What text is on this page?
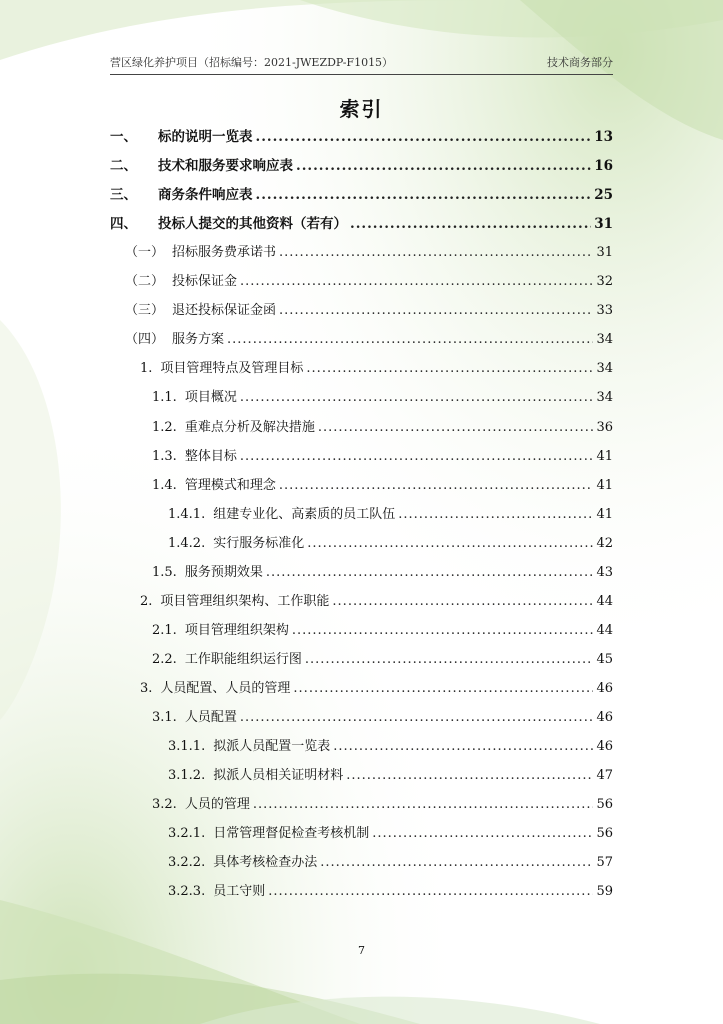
营区绿化养护项目（招标编号：2021-JWEZDP-F1015）	技术商务部分
索引
一、	标的说明一览表 .....	13
二、	技术和服务要求响应表 .....	16
三、	商务条件响应表 .....	25
四、	投标人提交的其他资料（若有） .....	31
（一） 招标服务费承诺书 .....	31
（二） 投标保证金 .....	32
（三） 退还投标保证金函 .....	33
（四） 服务方案 .....	34
1. 项目管理特点及管理目标 .....	34
1.1. 项目概况 .....	34
1.2. 重难点分析及解决措施 .....	36
1.3. 整体目标 .....	41
1.4. 管理模式和理念 .....	41
1.4.1. 组建专业化、高素质的员工队伍 .....	41
1.4.2. 实行服务标准化 .....	42
1.5. 服务预期效果 .....	43
2. 项目管理组织架构、工作职能 .....	44
2.1. 项目管理组织架构 .....	44
2.2. 工作职能组织运行图 .....	45
3. 人员配置、人员的管理 .....	46
3.1. 人员配置 .....	46
3.1.1. 拟派人员配置一览表 .....	46
3.1.2. 拟派人员相关证明材料 .....	47
3.2. 人员的管理 .....	56
3.2.1. 日常管理督促检查考核机制 .....	56
3.2.2. 具体考核检查办法 .....	57
3.2.3. 员工守则 .....	59
7
